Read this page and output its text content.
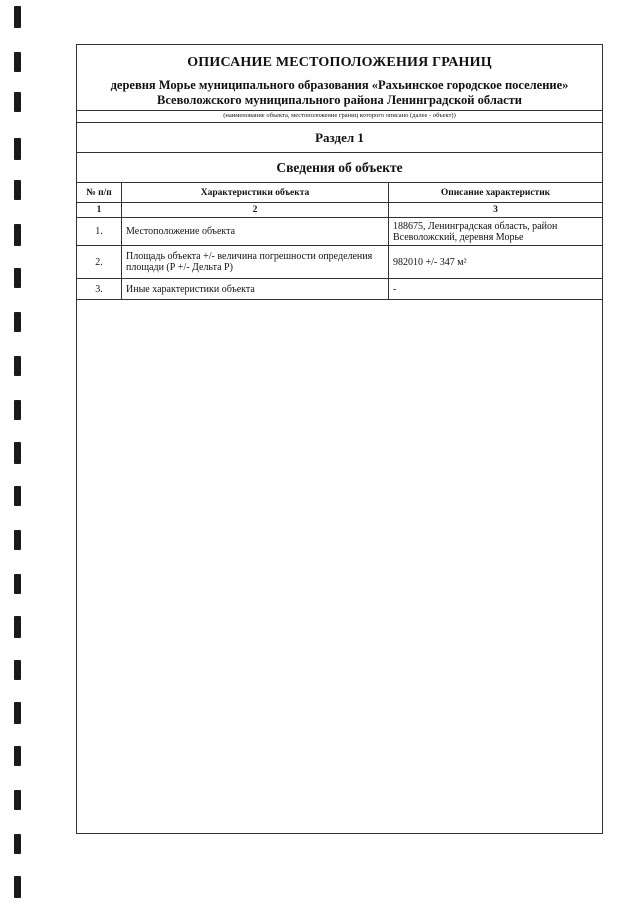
ОПИСАНИЕ МЕСТОПОЛОЖЕНИЯ ГРАНИЦ
деревня Морье муниципального образования «Рахьинское городское поселение»
Всеволожского муниципального района Ленинградской области
(наименование объекта, местоположение границ которого описано (далее - объект))
Раздел 1
Сведения об объекте
№ п/п	Характеристики объекта	Описание характеристик
1	2	3
1.	Местоположение объекта	188675, Ленинградская область, район Всеволожский, деревня Морье
2.	Площадь объекта +/- величина погрешности определения площади (Р +/- Дельта Р)	982010 +/- 347 м²
3.	Иные характеристики объекта	-
